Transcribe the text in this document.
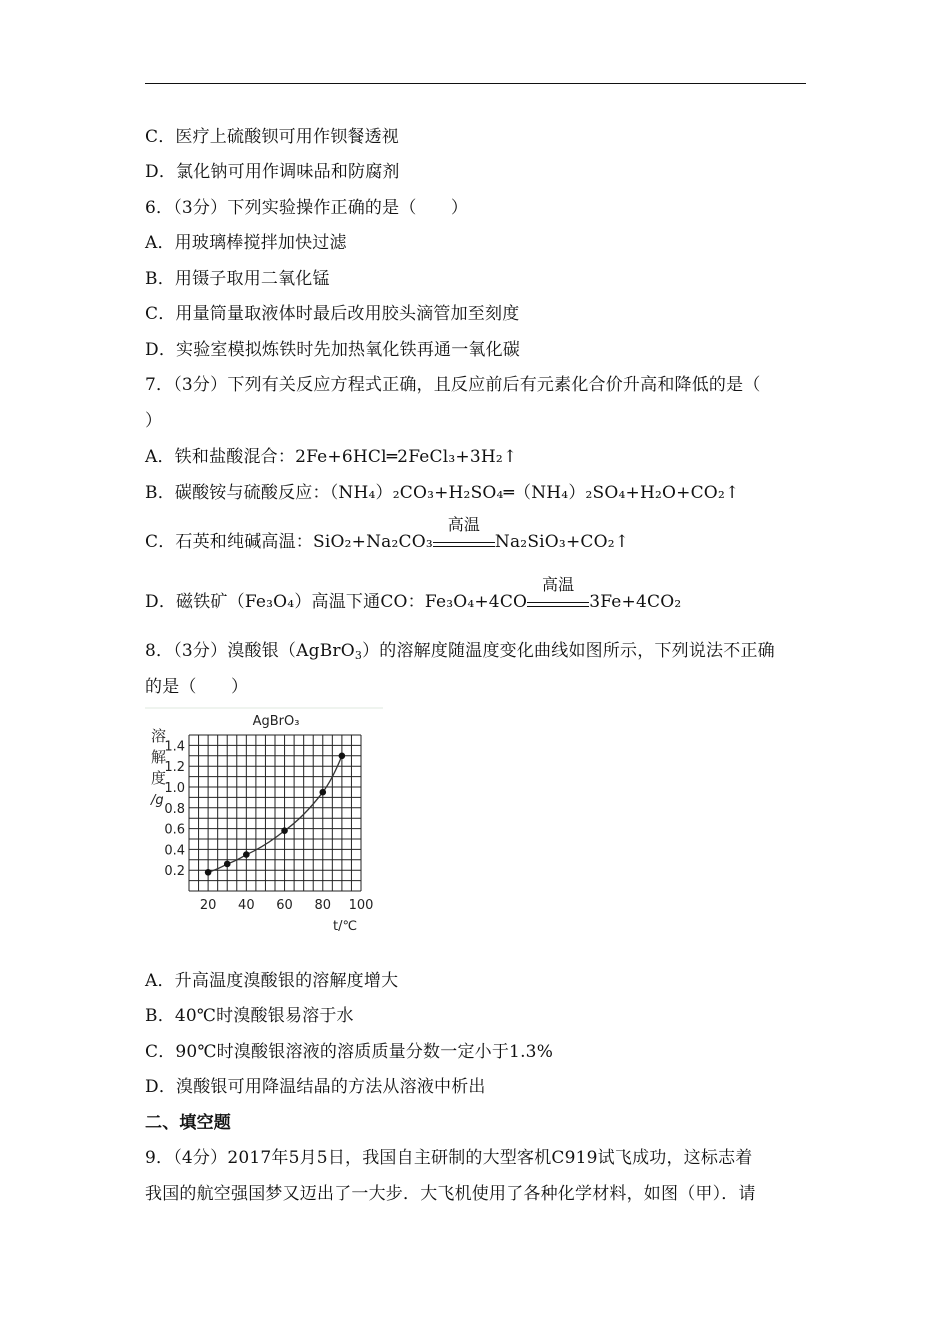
C．医疗上硫酸钡可用作钡餐透视
D．氯化钠可用作调味品和防腐剂
6．（3分）下列实验操作正确的是（　　）
A．用玻璃棒搅拌加快过滤
B．用镊子取用二氧化锰
C．用量筒量取液体时最后改用胶头滴管加至刻度
D．实验室模拟炼铁时先加热氧化铁再通一氧化碳
7．（3分）下列有关反应方程式正确，且反应前后有元素化合价升高和降低的是（
）
A．铁和盐酸混合：2Fe+6HCl═2FeCl₃+3H₂↑
B．碳酸铵与硫酸反应：（NH₄）₂CO₃+H₂SO₄═（NH₄）₂SO₄+H₂O+CO₂↑
C．石英和纯碱高温：SiO₂+Na₂CO₃
高温
Na₂SiO₃+CO₂↑
D．磁铁矿（Fe₃O₄）高温下通CO：Fe₃O₄+4CO
高温
3Fe+4CO₂
8．（3分）溴酸银（AgBrO$_3$）的溶解度随温度变化曲线如图所示，下列说法不正确
的是（　　）
0.2
0.4
0.6
0.8
1.0
1.2
1.4
20 40 60 80 100
AgBrO₃
溶解度/g
t/℃
A．升高温度溴酸银的溶解度增大
B．40℃时溴酸银易溶于水
C．90℃时溴酸银溶液的溶质质量分数一定小于1.3%
D．溴酸银可用降温结晶的方法从溶液中析出
二、填空题
9．（4分）2017年5月5日，我国自主研制的大型客机C919试飞成功，这标志着
我国的航空强国梦又迈出了一大步．大飞机使用了各种化学材料，如图（甲）．请
